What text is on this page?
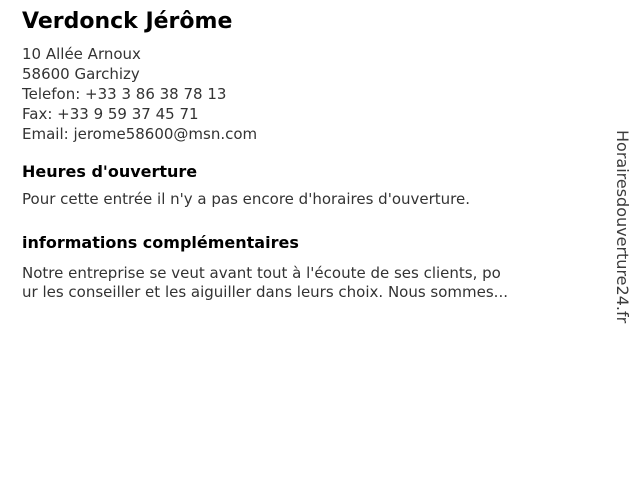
Verdonck Jérôme
10 Allée Arnoux
58600 Garchizy
Telefon: +33 3 86 38 78 13
Fax: +33 9 59 37 45 71
Email: jerome58600@msn.com
Heures d'ouverture

Pour cette entrée il n'y a pas encore d'horaires d'ouverture.

informations complémentaires

Notre entreprise se veut avant tout à l'écoute de ses clients, po
ur les conseiller et les aiguiller dans leurs choix. Nous sommes...	Horairesdouverture24.fr
